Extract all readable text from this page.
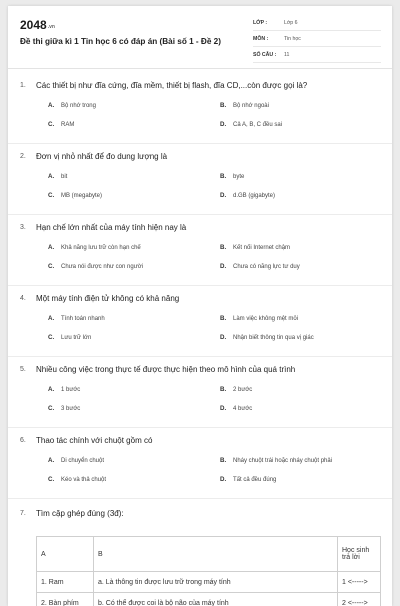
2048.vn
Đề thi giữa kì 1 Tin học 6 có đáp án (Bài số 1 - Đề 2)
LỚP :	Lớp 6
MÔN :	Tin học
SỐ CÂU :	11
1.	Các thiết bị như đĩa cứng, đĩa mềm, thiết bị flash, đĩa CD,...còn được gọi là?
A.	Bộ nhớ trong	B.	Bộ nhớ ngoài
C.	RAM	D.	Cả A, B, C đều sai
2.	Đơn vị nhỏ nhất để đo dung lượng là
A.	bit	B.	byte
C.	MB (megabyte)	D.	d.GB (gigabyte)
3.	Hạn chế lớn nhất của máy tính hiện nay là
A.	Khả năng lưu trữ còn hạn chế	B.	Kết nối Internet chậm
C.	Chưa nói được như con người	D.	Chưa có năng lực tư duy
4.	Một máy tính điện tử không có khả năng
A.	Tính toán nhanh	B.	Làm việc không mệt mỏi
C.	Lưu trữ lớn	D.	Nhận biết thông tin qua vị giác
5.	Nhiều công việc trong thực tế được thực hiện theo mô hình của quá trình
A.	1 bước	B.	2 bước
C.	3 bước	D.	4 bước
6.	Thao tác chính với chuột gồm có
A.	Di chuyển chuột	B.	Nháy chuột trái hoặc nháy chuột phải
C.	Kéo và thả chuột	D.	Tất cả đều đúng
7.	Tìm cặp ghép đúng (3đ):
A	B	Học sinh trả lời
1. Ram	a. Là thông tin được lưu trữ trong máy tính	1 <----->
2. Bàn phím	b. Có thể được coi là bộ não của máy tính	2 <----->
